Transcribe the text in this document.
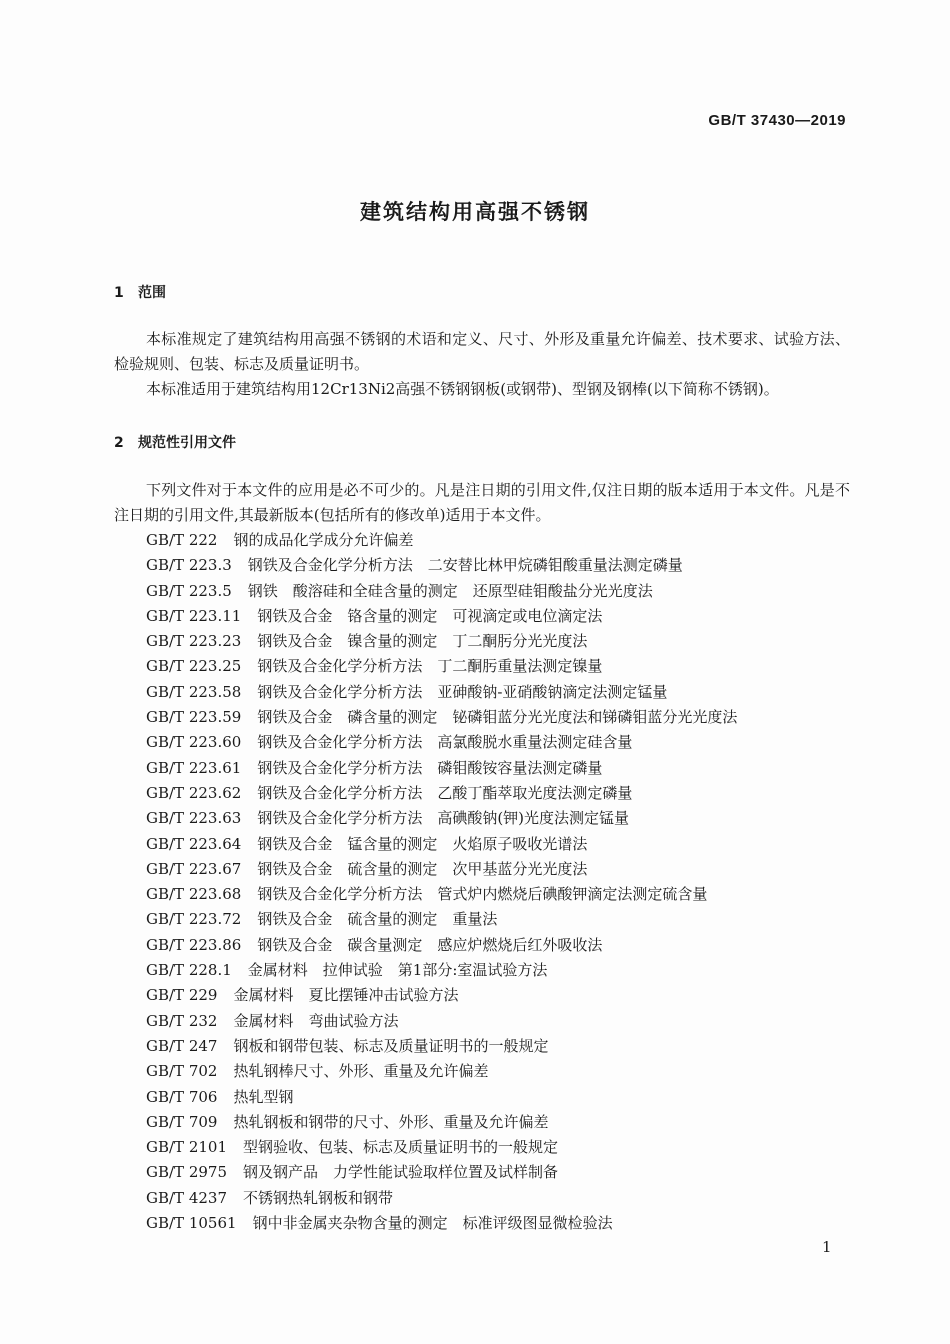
GB/T 37430—2019
建筑结构用高强不锈钢
1 范围
本标准规定了建筑结构用高强不锈钢的术语和定义、尺寸、外形及重量允许偏差、技术要求、试验方法、检验规则、包装、标志及质量证明书。
本标准适用于建筑结构用12Cr13Ni2高强不锈钢钢板(或钢带)、型钢及钢棒(以下简称不锈钢)。
2 规范性引用文件
下列文件对于本文件的应用是必不可少的。凡是注日期的引用文件,仅注日期的版本适用于本文件。凡是不注日期的引用文件,其最新版本(包括所有的修改单)适用于本文件。
GB/T 222 钢的成品化学成分允许偏差
GB/T 223.3 钢铁及合金化学分析方法　二安替比林甲烷磷钼酸重量法测定磷量
GB/T 223.5 钢铁　酸溶硅和全硅含量的测定　还原型硅钼酸盐分光光度法
GB/T 223.11 钢铁及合金　铬含量的测定　可视滴定或电位滴定法
GB/T 223.23 钢铁及合金　镍含量的测定　丁二酮肟分光光度法
GB/T 223.25 钢铁及合金化学分析方法　丁二酮肟重量法测定镍量
GB/T 223.58 钢铁及合金化学分析方法　亚砷酸钠-亚硝酸钠滴定法测定锰量
GB/T 223.59 钢铁及合金　磷含量的测定　铋磷钼蓝分光光度法和锑磷钼蓝分光光度法
GB/T 223.60 钢铁及合金化学分析方法　高氯酸脱水重量法测定硅含量
GB/T 223.61 钢铁及合金化学分析方法　磷钼酸铵容量法测定磷量
GB/T 223.62 钢铁及合金化学分析方法　乙酸丁酯萃取光度法测定磷量
GB/T 223.63 钢铁及合金化学分析方法　高碘酸钠(钾)光度法测定锰量
GB/T 223.64 钢铁及合金　锰含量的测定　火焰原子吸收光谱法
GB/T 223.67 钢铁及合金　硫含量的测定　次甲基蓝分光光度法
GB/T 223.68 钢铁及合金化学分析方法　管式炉内燃烧后碘酸钾滴定法测定硫含量
GB/T 223.72 钢铁及合金　硫含量的测定　重量法
GB/T 223.86 钢铁及合金　碳含量测定　感应炉燃烧后红外吸收法
GB/T 228.1 金属材料　拉伸试验　第1部分:室温试验方法
GB/T 229 金属材料　夏比摆锤冲击试验方法
GB/T 232 金属材料　弯曲试验方法
GB/T 247 钢板和钢带包装、标志及质量证明书的一般规定
GB/T 702 热轧钢棒尺寸、外形、重量及允许偏差
GB/T 706 热轧型钢
GB/T 709 热轧钢板和钢带的尺寸、外形、重量及允许偏差
GB/T 2101 型钢验收、包装、标志及质量证明书的一般规定
GB/T 2975 钢及钢产品　力学性能试验取样位置及试样制备
GB/T 4237 不锈钢热轧钢板和钢带
GB/T 10561 钢中非金属夹杂物含量的测定　标准评级图显微检验法
1
